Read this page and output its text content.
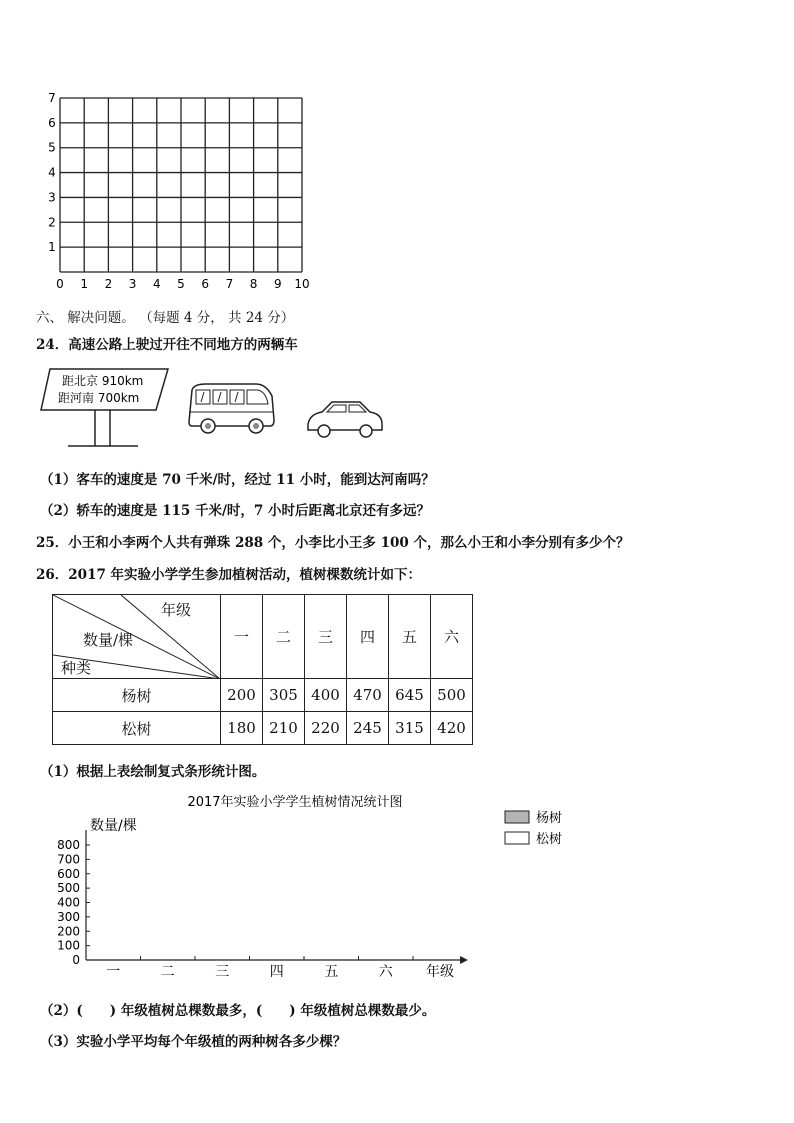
0 1 2 3 4 5 6 7 8 9 10
1
2
3
4
5
6
7
六、 解决问题。 （每题 4 分， 共 24 分）
24．高速公路上驶过开往不同地方的两辆车
距北京 910km
距河南 700km
（1）客车的速度是 70 千米/时，经过 11 小时，能到达河南吗？
（2）轿车的速度是 115 千米/时，7 小时后距离北京还有多远？
25．小王和小李两个人共有弹珠 288 个，小李比小王多 100 个，那么小王和小李分别有多少个？
26．2017 年实验小学学生参加植树活动，植树棵数统计如下：
年级
数量/棵
种类	一	二	三	四	五	六
杨树	200	305	400	470	645	500
松树	180	210	220	245	315	420
（1）根据上表绘制复式条形统计图。
2017年实验小学学生植树情况统计图
数量/棵	杨树
松树
800
700
600
500
400
300
200
100
0
一	二	三	四	五	六 年级
（2）(　　) 年级植树总棵数最多，(　　) 年级植树总棵数最少。
（3）实验小学平均每个年级植的两种树各多少棵？
